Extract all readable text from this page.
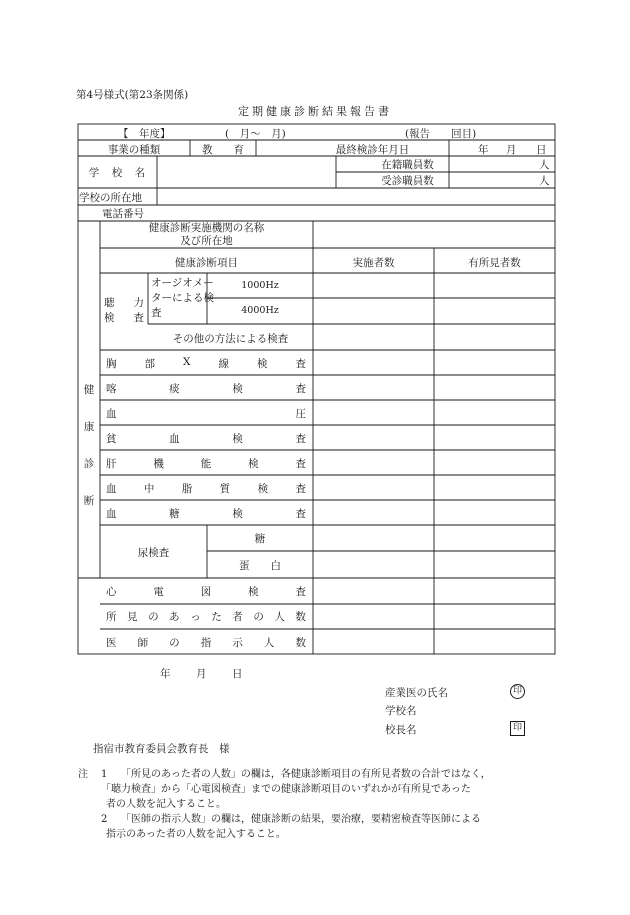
第4号様式(第23条関係)
定期健康診断結果報告書
【　年度】	(　月〜　月)	(報告　　回目)
事業の種類	教　　育	最終検診年月日	年 月 日
学　校　名
在籍職員数	人
受診職員数	人
学校の所在地
電話番号
健
康
診
断
健康診断実施機関の名称
及び所在地
健康診断項目	実施者数	有所見者数
聴 力
検 査
オージオメー
ターによる検
査
1000Hz
4000Hz
その他の方法による検査
胸	部	X	線	検	査
喀	痰	検	査
血	圧
貧	血	検	査
肝	機	能	検	査
血	中	脂	質	検	査
血	糖	検	査
尿検査
糖
蛋　　白
心	電	図	検	査
所 見 の あ っ た 者 の 人 数
医 師 の 指 示 人 数
年 月 日
産業医の氏名	印
学校名
校長名	印
指宿市教育委員会教育長　様
注 1 「所見のあった者の人数」の欄は，各健康診断項目の有所見者数の合計ではなく，
「聴力検査」から「心電図検査」までの健康診断項目のいずれかが有所見であった
者の人数を記入すること。
2 「医師の指示人数」の欄は，健康診断の結果，要治療，要精密検査等医師による
指示のあった者の人数を記入すること。
